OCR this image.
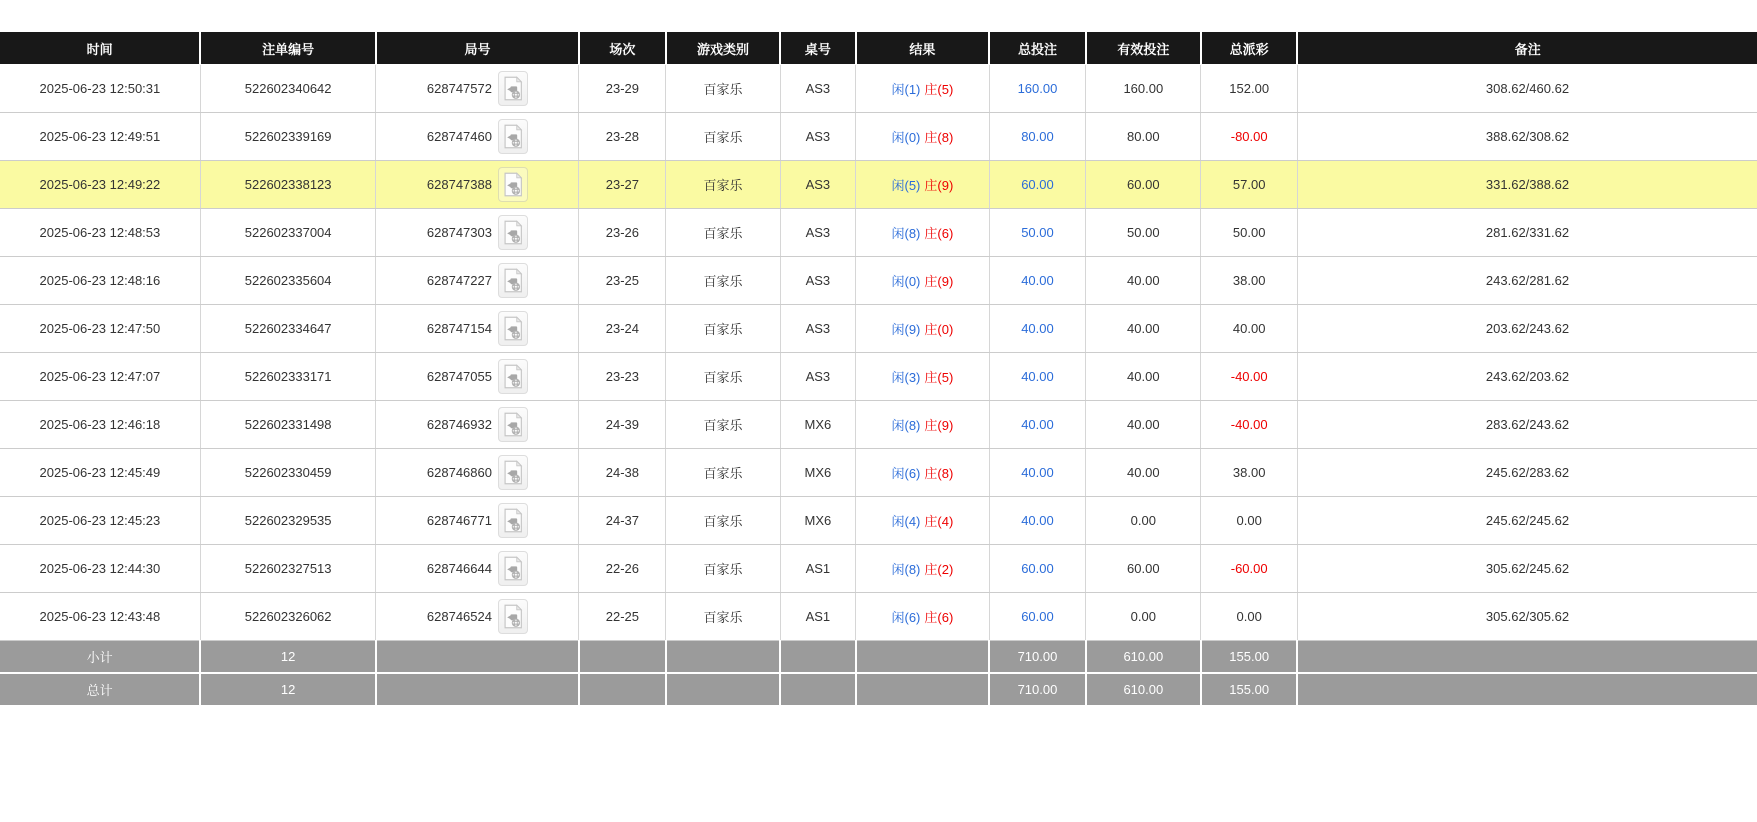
时间	注单编号	局号	场次	游戏类别	桌号	结果	总投注	有效投注	总派彩	备注
2025-06-23 12:50:31	522602340642	628747572	23-29	百家乐	AS3	闲(1) 庄(5)	160.00	160.00	152.00	308.62/460.62
2025-06-23 12:49:51	522602339169	628747460	23-28	百家乐	AS3	闲(0) 庄(8)	80.00	80.00	-80.00	388.62/308.62
2025-06-23 12:49:22	522602338123	628747388	23-27	百家乐	AS3	闲(5) 庄(9)	60.00	60.00	57.00	331.62/388.62
2025-06-23 12:48:53	522602337004	628747303	23-26	百家乐	AS3	闲(8) 庄(6)	50.00	50.00	50.00	281.62/331.62
2025-06-23 12:48:16	522602335604	628747227	23-25	百家乐	AS3	闲(0) 庄(9)	40.00	40.00	38.00	243.62/281.62
2025-06-23 12:47:50	522602334647	628747154	23-24	百家乐	AS3	闲(9) 庄(0)	40.00	40.00	40.00	203.62/243.62
2025-06-23 12:47:07	522602333171	628747055	23-23	百家乐	AS3	闲(3) 庄(5)	40.00	40.00	-40.00	243.62/203.62
2025-06-23 12:46:18	522602331498	628746932	24-39	百家乐	MX6	闲(8) 庄(9)	40.00	40.00	-40.00	283.62/243.62
2025-06-23 12:45:49	522602330459	628746860	24-38	百家乐	MX6	闲(6) 庄(8)	40.00	40.00	38.00	245.62/283.62
2025-06-23 12:45:23	522602329535	628746771	24-37	百家乐	MX6	闲(4) 庄(4)	40.00	0.00	0.00	245.62/245.62
2025-06-23 12:44:30	522602327513	628746644	22-26	百家乐	AS1	闲(8) 庄(2)	60.00	60.00	-60.00	305.62/245.62
2025-06-23 12:43:48	522602326062	628746524	22-25	百家乐	AS1	闲(6) 庄(6)	60.00	0.00	0.00	305.62/305.62
小计	12						710.00	610.00	155.00	
总计	12						710.00	610.00	155.00	
